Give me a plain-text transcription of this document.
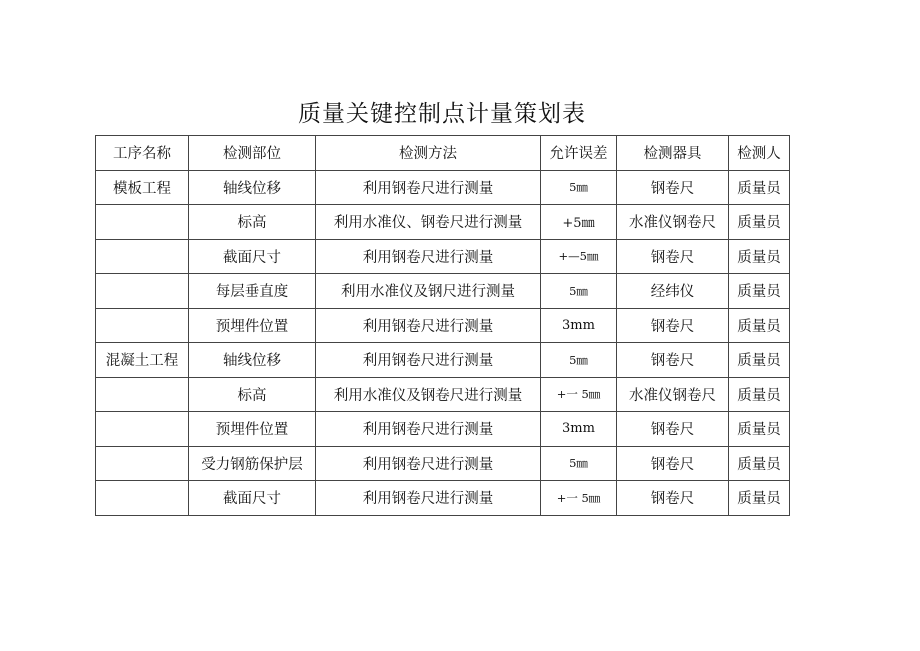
质量关键控制点计量策划表
工序名称	检测部位	检测方法	允许误差	检测器具	检测人
模板工程	轴线位移	利用钢卷尺进行测量	5㎜	钢卷尺	质量员
	标高	利用水准仪、钢卷尺进行测量	+5㎜	水准仪钢卷尺	质量员
	截面尺寸	利用钢卷尺进行测量	+—5㎜	钢卷尺	质量员
	每层垂直度	利用水准仪及钢尺进行测量	5㎜	经纬仪	质量员
	预埋件位置	利用钢卷尺进行测量	3mm	钢卷尺	质量员
混凝土工程	轴线位移	利用钢卷尺进行测量	5㎜	钢卷尺	质量员
	标高	利用水准仪及钢卷尺进行测量	+一 5㎜	水准仪钢卷尺	质量员
	预埋件位置	利用钢卷尺进行测量	3mm	钢卷尺	质量员
	受力钢筋保护层	利用钢卷尺进行测量	5㎜	钢卷尺	质量员
	截面尺寸	利用钢卷尺进行测量	+一 5㎜	钢卷尺	质量员
